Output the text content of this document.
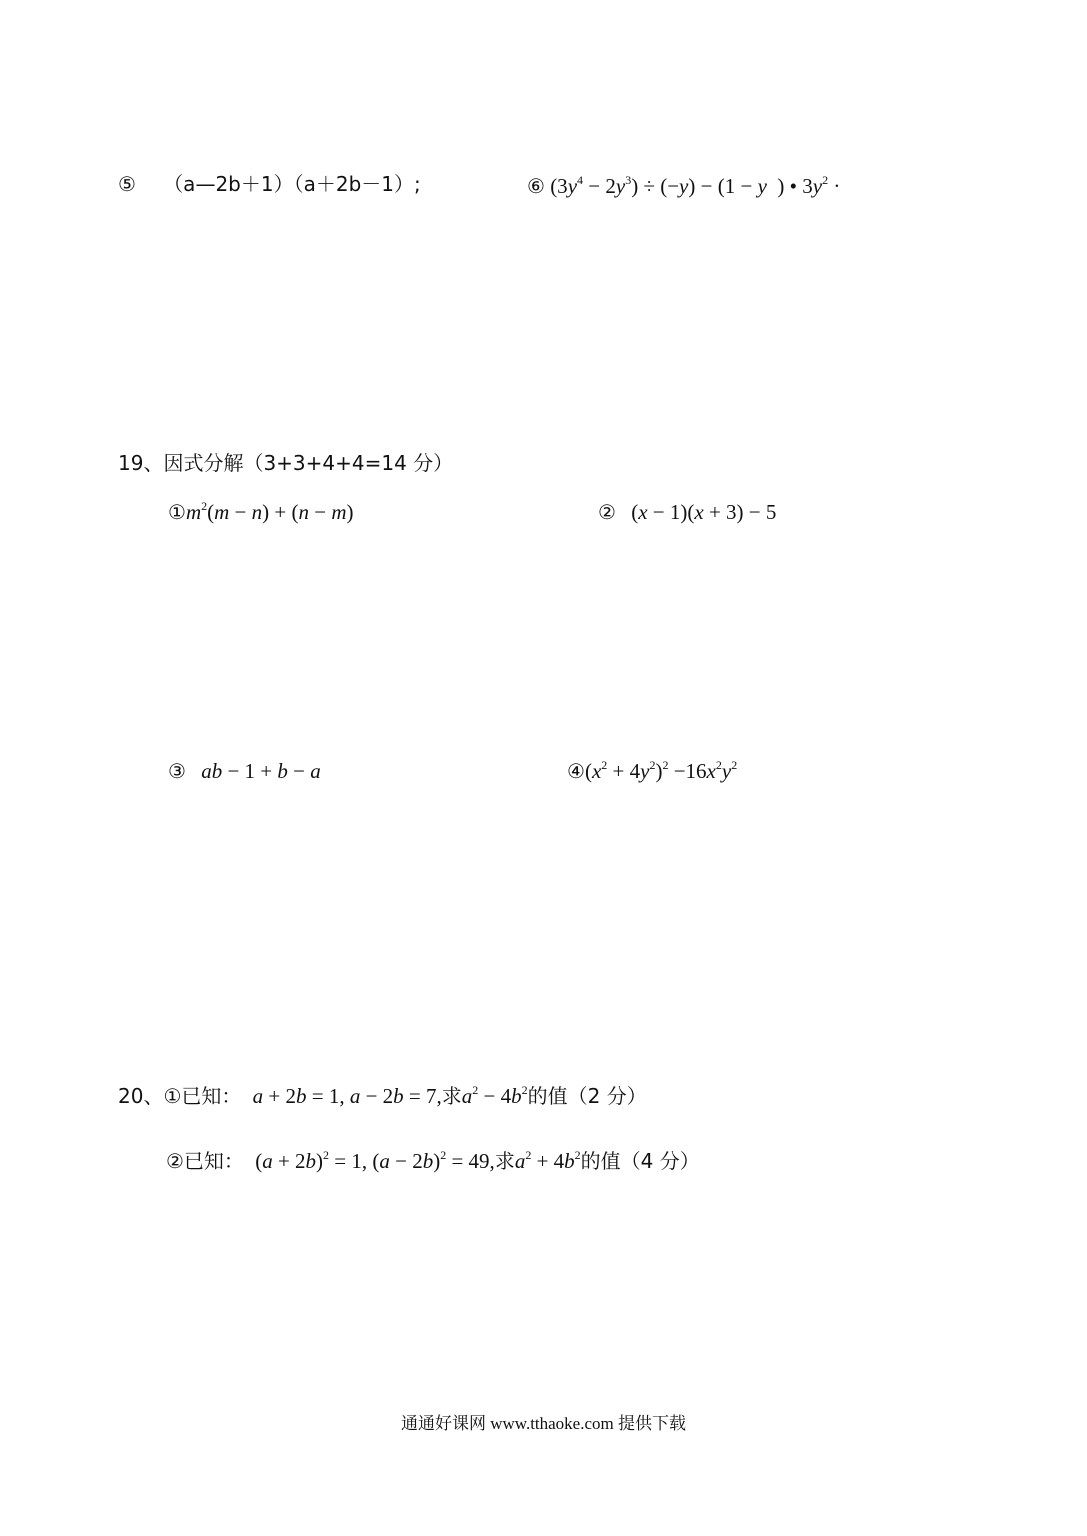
⑤ （a—2b＋1）（a＋2b－1）;	⑥ $(3y^4 - 2y^3) \div (-y) - (1 - y$  ) • $3y^2$ ·
19、因式分解（3+3+4+4=14 分）
$①m^2(m - n) + (n - m)$	② (x − 1)(x + 3) − 5
③ ab − 1 + b − a	$④(x^2 + 4y^2)^2 -16x^2y^2$
20、①已知： a + 2b = 1, a − 2b = 7,求$a^2 - 4b^2$的值（2 分）
②已知： $(a + 2b)^2 = 1$, $(a - 2b)^2 = 49$,求$a^2 + 4b^2$的值（4 分）
通通好课网 www.tthaoke.com 提供下载
